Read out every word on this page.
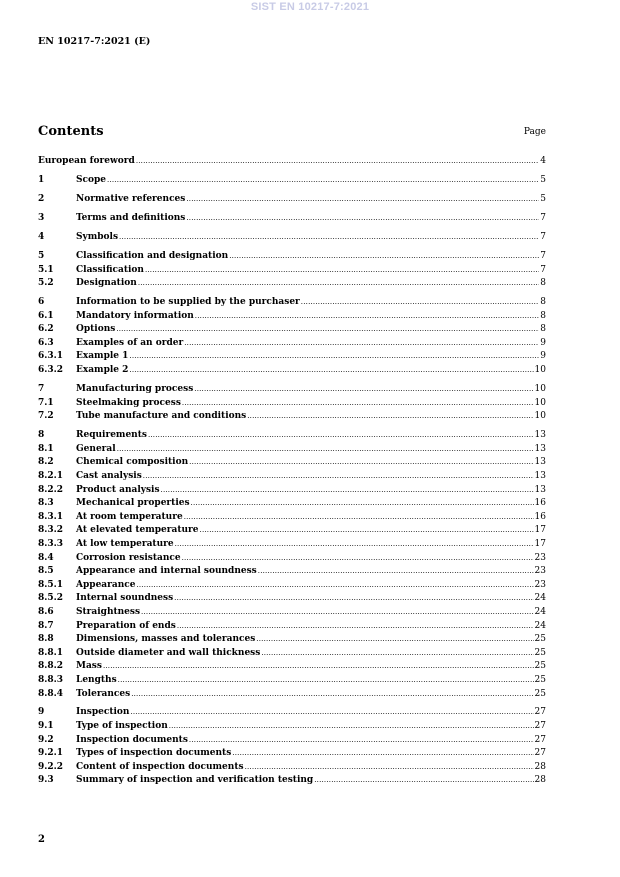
SIST EN 10217-7:2021
EN 10217-7:2021 (E)
Contents	Page
European foreword .....	4
1	Scope .....	5
2	Normative references .....	5
3	Terms and definitions .....	7
4	Symbols .....	7
5	Classification and designation .....	7
5.1	Classification .....	7
5.2	Designation .....	8
6	Information to be supplied by the purchaser .....	8
6.1	Mandatory information .....	8
6.2	Options .....	8
6.3	Examples of an order .....	9
6.3.1	Example 1 .....	9
6.3.2	Example 2 .....	10
7	Manufacturing process .....	10
7.1	Steelmaking process .....	10
7.2	Tube manufacture and conditions .....	10
8	Requirements .....	13
8.1	General .....	13
8.2	Chemical composition .....	13
8.2.1	Cast analysis .....	13
8.2.2	Product analysis .....	13
8.3	Mechanical properties .....	16
8.3.1	At room temperature .....	16
8.3.2	At elevated temperature .....	17
8.3.3	At low temperature .....	17
8.4	Corrosion resistance .....	23
8.5	Appearance and internal soundness .....	23
8.5.1	Appearance .....	23
8.5.2	Internal soundness .....	24
8.6	Straightness .....	24
8.7	Preparation of ends .....	24
8.8	Dimensions, masses and tolerances .....	25
8.8.1	Outside diameter and wall thickness .....	25
8.8.2	Mass .....	25
8.8.3	Lengths .....	25
8.8.4	Tolerances .....	25
9	Inspection .....	27
9.1	Type of inspection .....	27
9.2	Inspection documents .....	27
9.2.1	Types of inspection documents .....	27
9.2.2	Content of inspection documents .....	28
9.3	Summary of inspection and verification testing .....	28
2
